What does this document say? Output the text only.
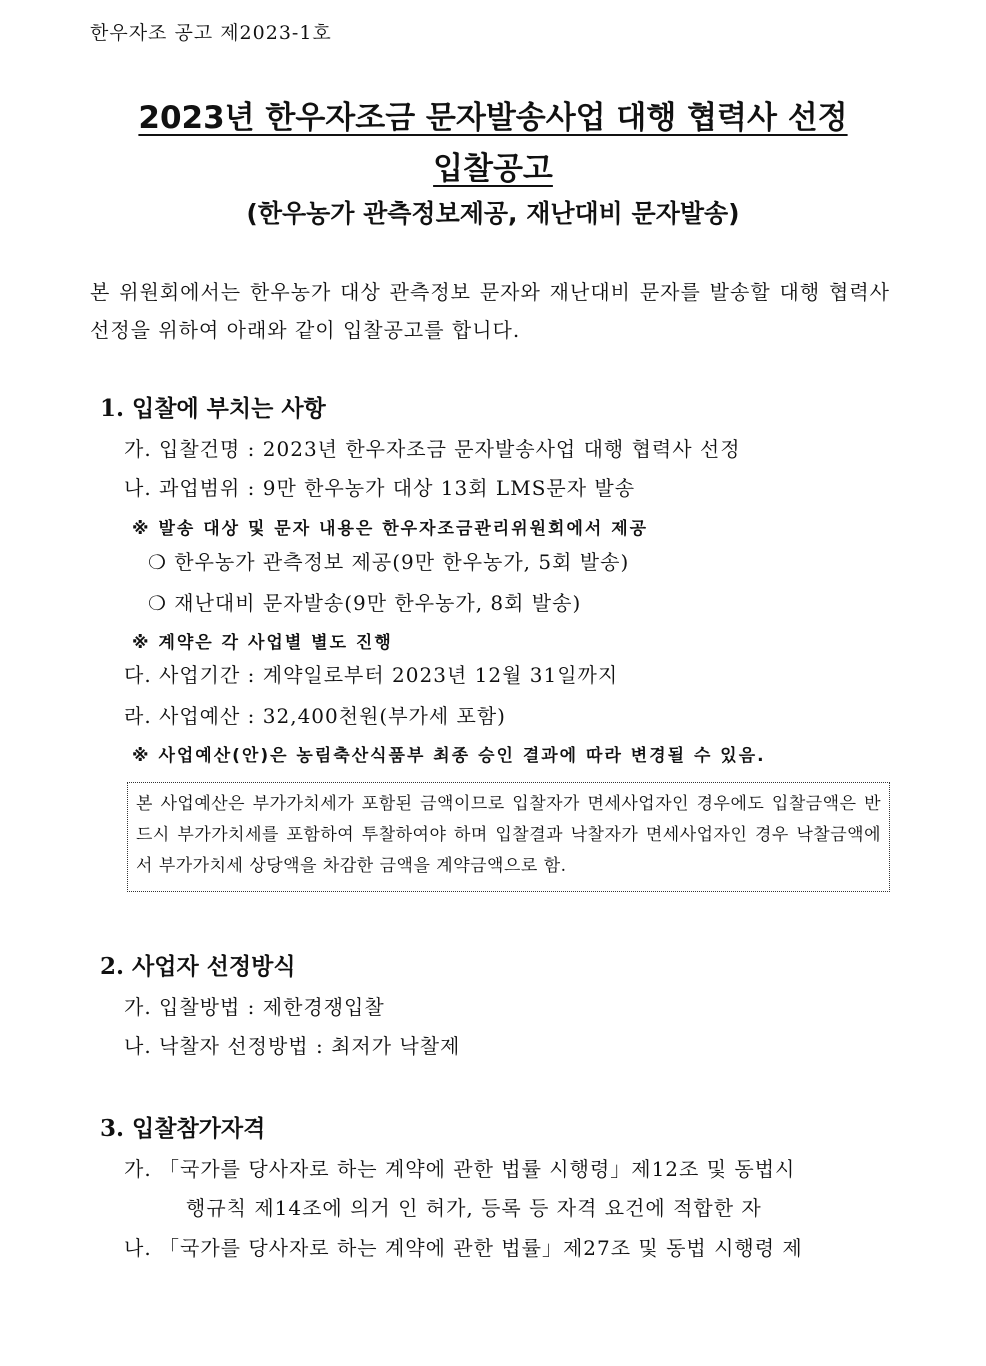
한우자조 공고 제2023-1호
2023년 한우자조금 문자발송사업 대행 협력사 선정
입찰공고
(한우농가 관측정보제공, 재난대비 문자발송)
본 위원회에서는 한우농가 대상 관측정보 문자와 재난대비 문자를 발송할 대행 협력사 선정을 위하여 아래와 같이 입찰공고를 합니다.
1. 입찰에 부치는 사항
가. 입찰건명 : 2023년 한우자조금 문자발송사업 대행 협력사 선정
나. 과업범위 : 9만 한우농가 대상 13회 LMS문자 발송
※ 발송 대상 및 문자 내용은 한우자조금관리위원회에서 제공
❍ 한우농가 관측정보 제공(9만 한우농가, 5회 발송)
❍ 재난대비 문자발송(9만 한우농가, 8회 발송)
※ 계약은 각 사업별 별도 진행
다. 사업기간 : 계약일로부터 2023년 12월 31일까지
라. 사업예산 : 32,400천원(부가세 포함)
※ 사업예산(안)은 농림축산식품부 최종 승인 결과에 따라 변경될 수 있음.

본 사업예산은 부가가치세가 포함된 금액이므로 입찰자가 면세사업자인 경우에도 입찰금액은 반드시 부가가치세를 포함하여 투찰하여야 하며 입찰결과 낙찰자가 면세사업자인 경우 낙찰금액에서 부가가치세 상당액을 차감한 금액을 계약금액으로 함.

2. 사업자 선정방식
가. 입찰방법 : 제한경쟁입찰
나. 낙찰자 선정방법 : 최저가 낙찰제
3. 입찰참가자격
가. 「국가를 당사자로 하는 계약에 관한 법률 시행령」제12조 및 동법시
행규칙 제14조에 의거 인 허가, 등록 등 자격 요건에 적합한 자
나. 「국가를 당사자로 하는 계약에 관한 법률」제27조 및 동법 시행령 제
